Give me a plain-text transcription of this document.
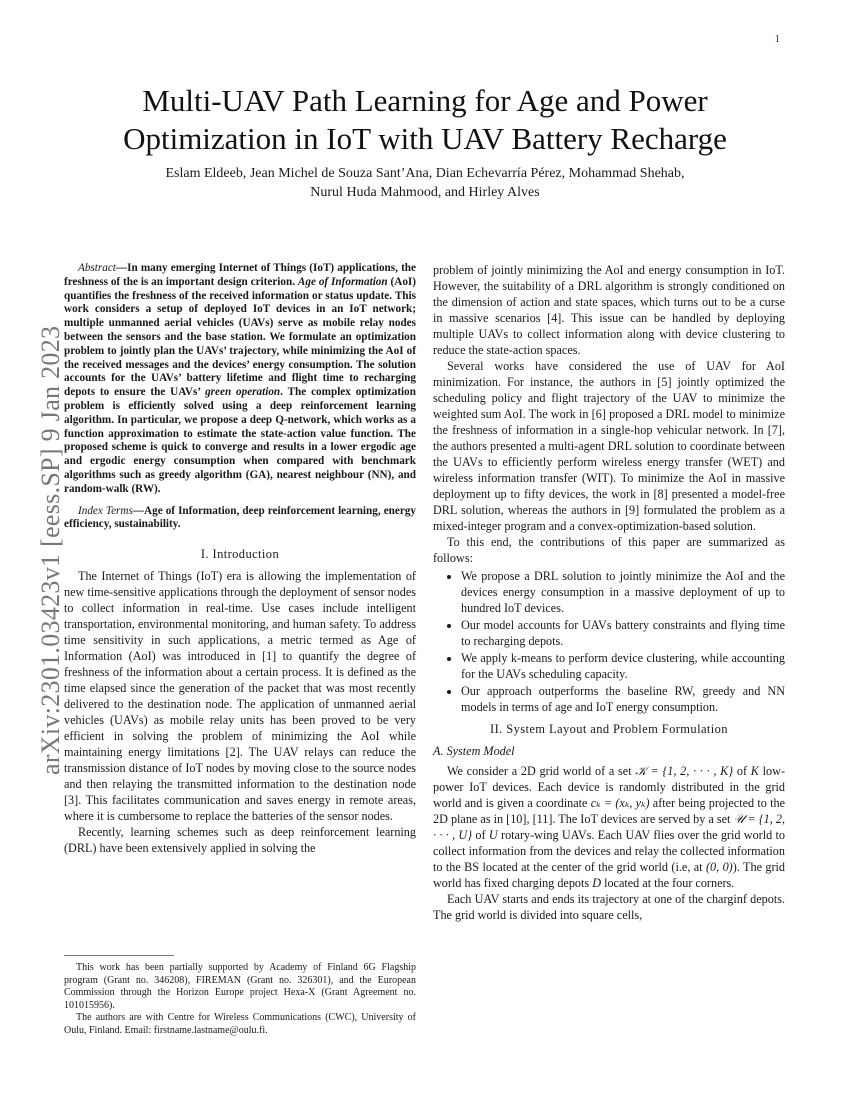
1
arXiv:2301.03423v1 [eess.SP] 9 Jan 2023
Multi-UAV Path Learning for Age and Power Optimization in IoT with UAV Battery Recharge
Eslam Eldeeb, Jean Michel de Souza Sant’Ana, Dian Echevarría Pérez, Mohammad Shehab,
Nurul Huda Mahmood, and Hirley Alves

Abstract—In many emerging Internet of Things (IoT) applications, the freshness of the is an important design criterion. Age of Information (AoI) quantifies the freshness of the received information or status update. This work considers a setup of deployed IoT devices in an IoT network; multiple unmanned aerial vehicles (UAVs) serve as mobile relay nodes between the sensors and the base station. We formulate an optimization problem to jointly plan the UAVs’ trajectory, while minimizing the AoI of the received messages and the devices’ energy consumption. The solution accounts for the UAVs’ battery lifetime and flight time to recharging depots to ensure the UAVs’ green operation. The complex optimization problem is efficiently solved using a deep reinforcement learning algorithm. In particular, we propose a deep Q-network, which works as a function approximation to estimate the state-action value function. The proposed scheme is quick to converge and results in a lower ergodic age and ergodic energy consumption when compared with benchmark algorithms such as greedy algorithm (GA), nearest neighbour (NN), and random-walk (RW).

Index Terms—Age of Information, deep reinforcement learning, energy efficiency, sustainability.

I. Introduction

The Internet of Things (IoT) era is allowing the implementation of new time-sensitive applications through the deployment of sensor nodes to collect information in real-time. Use cases include intelligent transportation, environmental monitoring, and human safety. To address time sensitivity in such applications, a metric termed as Age of Information (AoI) was introduced in [1] to quantify the degree of freshness of the information about a certain process. It is defined as the time elapsed since the generation of the packet that was most recently delivered to the destination node. The application of unmanned aerial vehicles (UAVs) as mobile relay units has been proved to be very efficient in solving the problem of minimizing the AoI while maintaining energy limitations [2]. The UAV relays can reduce the transmission distance of IoT nodes by moving close to the source nodes and then relaying the transmitted information to the destination node [3]. This facilitates communication and saves energy in remote areas, where it is cumbersome to replace the batteries of the sensor nodes.

Recently, learning schemes such as deep reinforcement learning (DRL) have been extensively applied in solving the

This work has been partially supported by Academy of Finland 6G Flagship program (Grant no. 346208), FIREMAN (Grant no. 326301), and the European Commission through the Horizon Europe project Hexa-X (Grant Agreement no. 101015956).

The authors are with Centre for Wireless Communications (CWC), University of Oulu, Finland. Email: firstname.lastname@oulu.fi.

problem of jointly minimizing the AoI and energy consumption in IoT. However, the suitability of a DRL algorithm is strongly conditioned on the dimension of action and state spaces, which turns out to be a curse in massive scenarios [4]. This issue can be handled by deploying multiple UAVs to collect information along with device clustering to reduce the state-action spaces.

Several works have considered the use of UAV for AoI minimization. For instance, the authors in [5] jointly optimized the scheduling policy and flight trajectory of the UAV to minimize the weighted sum AoI. The work in [6] proposed a DRL model to minimize the freshness of information in a single-hop vehicular network. In [7], the authors presented a multi-agent DRL solution to coordinate between the UAVs to efficiently perform wireless energy transfer (WET) and wireless information transfer (WIT). To minimize the AoI in massive deployment up to fifty devices, the work in [8] presented a model-free DRL solution, whereas the authors in [9] formulated the problem as a mixed-integer program and a convex-optimization-based solution.

To this end, the contributions of this paper are summarized as follows:

• We propose a DRL solution to jointly minimize the AoI and the devices energy consumption in a massive deployment of up to hundred IoT devices.
• Our model accounts for UAVs battery constraints and flying time to recharging depots.
• We apply k-means to perform device clustering, while accounting for the UAVs scheduling capacity.
• Our approach outperforms the baseline RW, greedy and NN models in terms of age and IoT energy consumption.
II. System Layout and Problem Formulation
A. System Model

We consider a 2D grid world of a set 𝒦 = {1, 2, · · · , K} of K low-power IoT devices. Each device is randomly distributed in the grid world and is given a coordinate cₖ = (xₖ, yₖ) after being projected to the 2D plane as in [10], [11]. The IoT devices are served by a set 𝒰 = {1, 2, · · · , U} of U rotary-wing UAVs. Each UAV flies over the grid world to collect information from the devices and relay the collected information to the BS located at the center of the grid world (i.e, at (0, 0)). The grid world has fixed charging depots D located at the four corners.

Each UAV starts and ends its trajectory at one of the charginf depots. The grid world is divided into square cells,
